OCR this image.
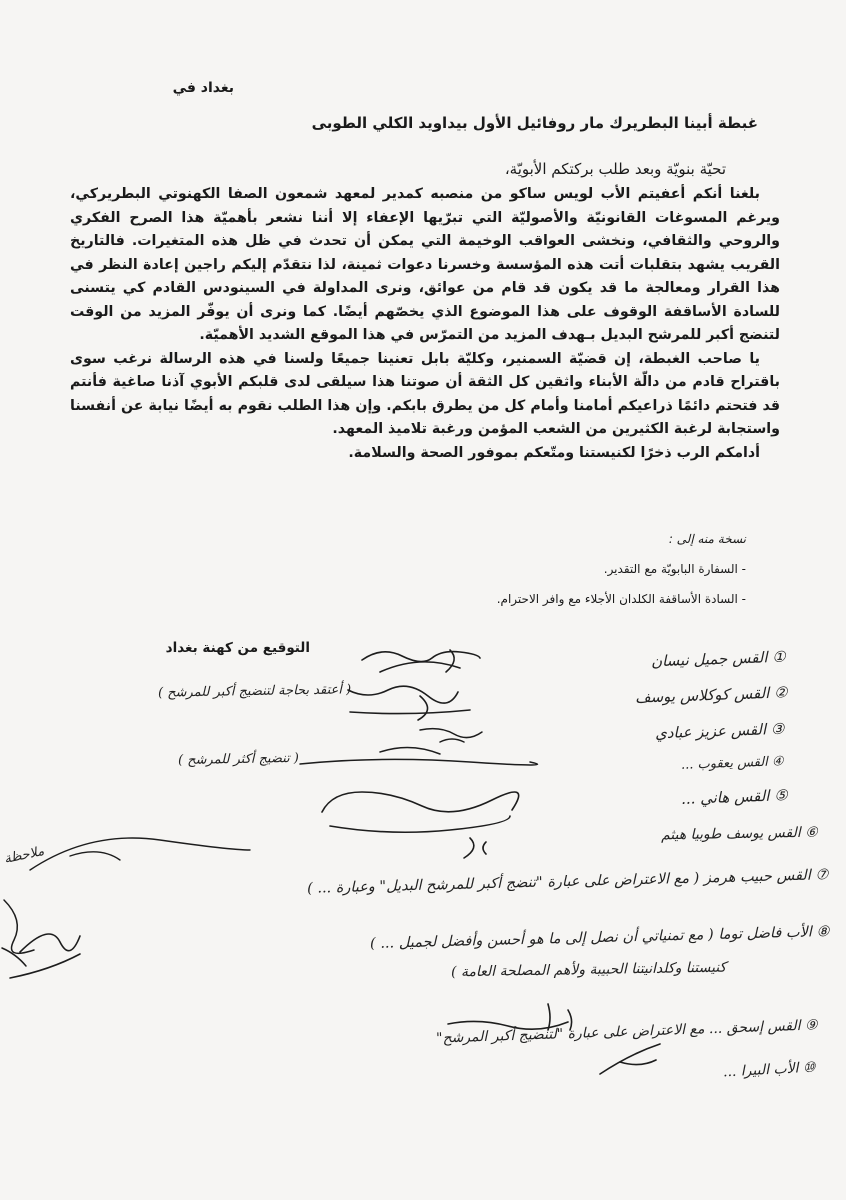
بغداد في
غبطة أبينا البطريرك مار روفائيل الأول بيداويد الكلي الطوبى
تحيّة بنويّة وبعد طلب بركتكم الأبويّة،

بلغنا أنكم أعفيتم الأب لويس ساكو من منصبه كمدير لمعهد شمعون الصفا الكهنوتي البطريركي، ويرغم المسوغات القانونيّة والأصوليّة التي تبرّيها الإعفاء إلا أننا نشعر بأهميّة هذا الصرح الفكري والروحي والثقافي، ونخشى العواقب الوخيمة التي يمكن أن تحدث في ظل هذه المتغيرات. فالتاريخ القريب يشهد بتقلبات أتت هذه المؤسسة وخسرنا دعوات ثمينة، لذا نتقدّم إليكم راجين إعادة النظر في هذا القرار ومعالجة ما قد يكون قد قام من عوائق، ونرى المداولة في السينودس القادم كي يتسنى للسادة الأساقفة الوقوف على هذا الموضوع الذي يخصّهم أيضًا. كما ونرى أن يوفّر المزيد من الوقت لتنضج أكبر للمرشح البديل بـهدف المزيد من التمرّس في هذا الموقع الشديد الأهميّة.

يا صاحب الغبطة، إن قضيّة السمنير، وكليّة بابل تعنينا جميعًا ولسنا في هذه الرسالة نرغب سوى باقتراح قادم من دالّة الأبناء واثقين كل الثقة أن صوتنا هذا سيلقى لدى قلبكم الأبوي آذنا صاغية فأنتم قد فتحتم دائمًا ذراعيكم أمامنا وأمام كل من يطرق بابكم. وإن هذا الطلب نقوم به أيضًا نيابة عن أنفسنا واستجابة لرغبة الكثيرين من الشعب المؤمن ورغبة تلاميذ المعهد.

أدامكم الرب ذخرًا لكنيستنا ومتّعكم بموفور الصحة والسلامة.

نسخة منه إلى :
- السفارة البابويّة مع التقدير.
- السادة الأساقفة الكلدان الأجلاء مع وافر الاحترام.
التوقيع من كهنة بغداد
( أعتقد بحاجة لتنضيج أكبر للمرشح )
( تنضيج أكثر للمرشح )
① القس جميل نيسان
② القس كوكلاس يوسف
③ القس عزيز عبادي
④ القس يعقوب ...
⑤ القس هاني ...
⑥ القس يوسف طوبيا هيثم
⑦ القس حبيب هرمز ( مع الاعتراض على عبارة "تنضج أكبر للمرشح البديل" وعبارة ... )
⑧ الأب فاضل توما ( مع تمنياتي أن نصل إلى ما هو أحسن وأفضل لجميل ... )
كنيستنا وكلدانيتنا الحبيبة ولأهم المصلحة العامة )
⑨ القس إسحق ... مع الاعتراض على عبارة "لتنضيج أكبر المرشح"
⑩ الأب البيرا ...
ملاحظة
